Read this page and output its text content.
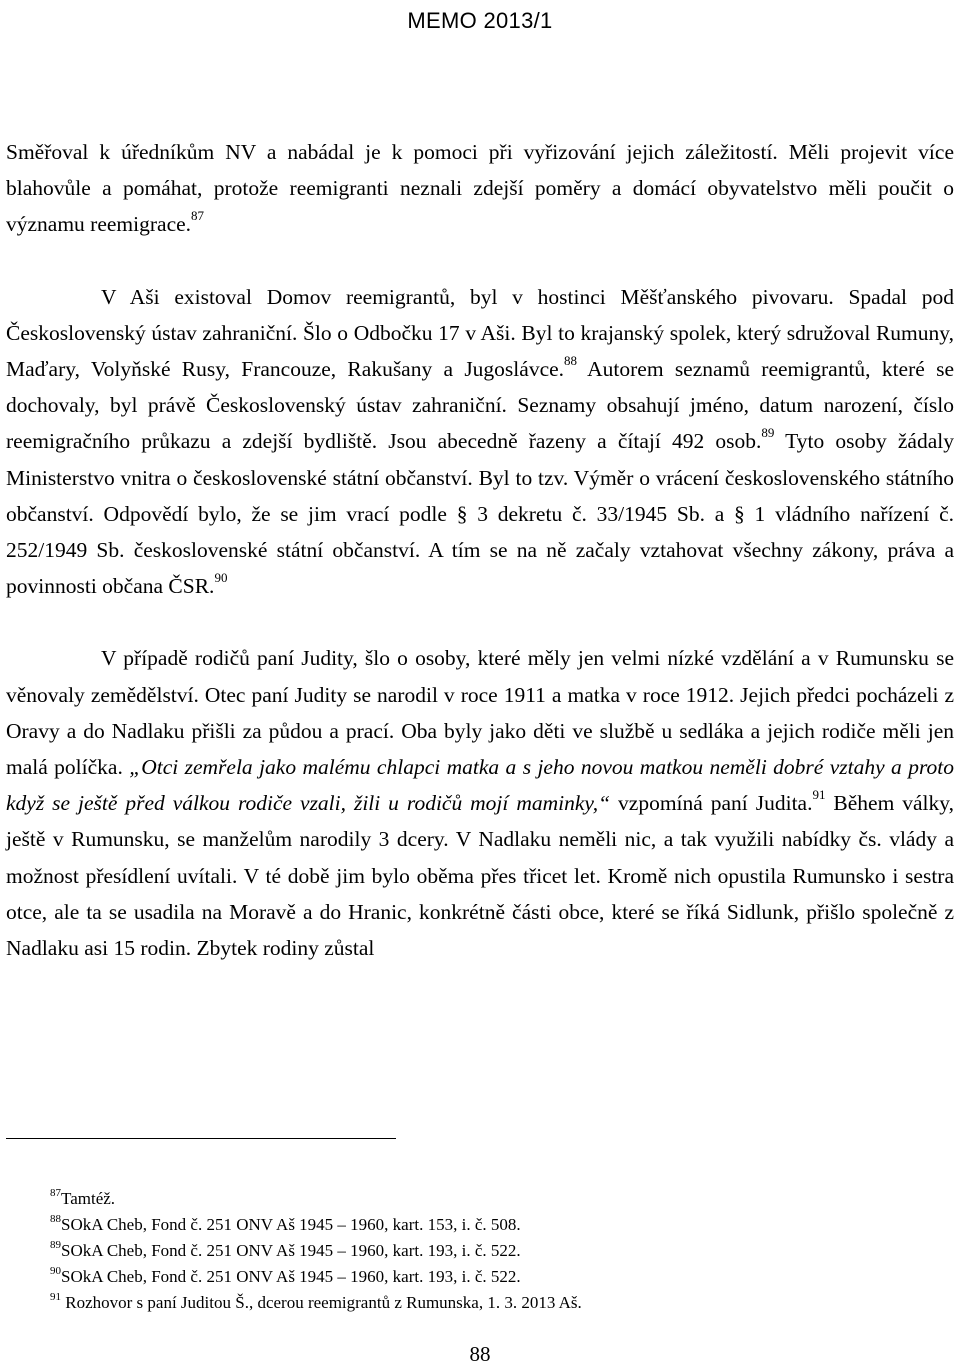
MEMO 2013/1

Směřoval k úředníkům NV a nabádal je k pomoci při vyřizování jejich záležitostí. Měli projevit více blahovůle a pomáhat, protože reemigranti neznali zdejší poměry a domácí obyvatelstvo měli poučit o významu reemigrace.$^{87}$

V Aši existoval Domov reemigrantů, byl v hostinci Měšťanského pivovaru. Spadal pod Československý ústav zahraniční. Šlo o Odbočku 17 v Aši. Byl to krajanský spolek, který sdružoval Rumuny, Maďary, Volyňské Rusy, Francouze, Rakušany a Jugoslávce.$^{88}$ Autorem seznamů reemigrantů, které se dochovaly, byl právě Československý ústav zahraniční. Seznamy obsahují jméno, datum narození, číslo reemigračního průkazu a zdejší bydliště. Jsou abecedně řazeny a čítají 492 osob.$^{89}$ Tyto osoby žádaly Ministerstvo vnitra o československé státní občanství. Byl to tzv. Výměr o vrácení československého státního občanství. Odpovědí bylo, že se jim vrací podle § 3 dekretu č. 33/1945 Sb. a § 1 vládního nařízení č. 252/1949 Sb. československé státní občanství. A tím se na ně začaly vztahovat všechny zákony, práva a povinnosti občana ČSR.$^{90}$

V případě rodičů paní Judity, šlo o osoby, které měly jen velmi nízké vzdělání a v Rumunsku se věnovaly zemědělství. Otec paní Judity se narodil v roce 1911 a matka v roce 1912. Jejich předci pocházeli z Oravy a do Nadlaku přišli za půdou a prací. Oba byly jako děti ve službě u sedláka a jejich rodiče měli jen malá políčka. „Otci zemřela jako malému chlapci matka a s jeho novou matkou neměli dobré vztahy a proto když se ještě před válkou rodiče vzali, žili u rodičů mojí maminky,“ vzpomíná paní Judita.$^{91}$ Během války, ještě v Rumunsku, se manželům narodily 3 dcery. V Nadlaku neměli nic, a tak využili nabídky čs. vlády a možnost přesídlení uvítali. V té době jim bylo oběma přes třicet let. Kromě nich opustila Rumunsko i sestra otce, ale ta se usadila na Moravě a do Hranic, konkrétně části obce, které se říká Sidlunk, přišlo společně z Nadlaku asi 15 rodin. Zbytek rodiny zůstal

$^{87}$Tamtéž.

$^{88}$SOkA Cheb, Fond č. 251 ONV Aš 1945 – 1960, kart. 153, i. č. 508.

$^{89}$SOkA Cheb, Fond č. 251 ONV Aš 1945 – 1960, kart. 193, i. č. 522.

$^{90}$SOkA Cheb, Fond č. 251 ONV Aš 1945 – 1960, kart. 193, i. č. 522.

$^{91}$ Rozhovor s paní Juditou Š., dcerou reemigrantů z Rumunska, 1. 3. 2013 Aš.

88
